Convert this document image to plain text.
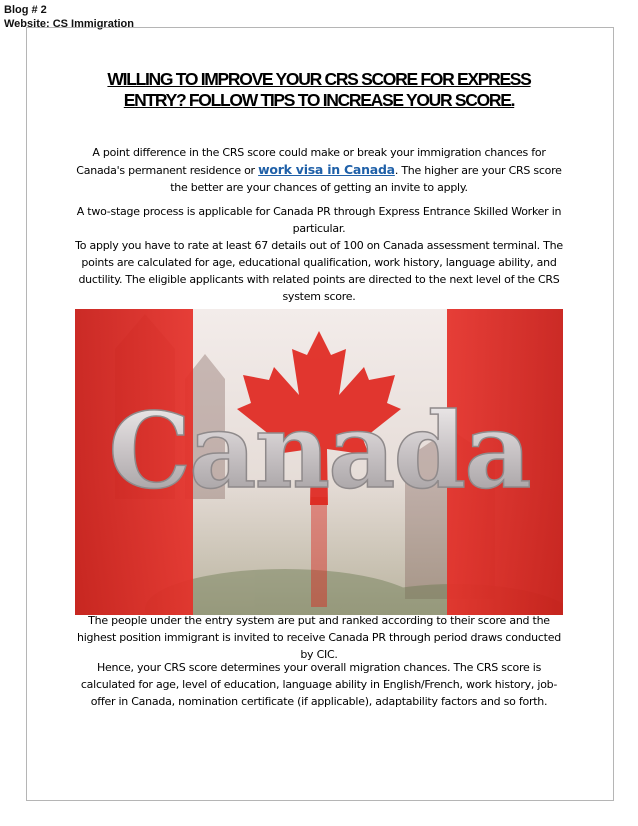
Blog # 2
Website: CS Immigration
WILLING TO IMPROVE YOUR CRS SCORE FOR EXPRESS ENTRY? FOLLOW TIPS TO INCREASE YOUR SCORE.
A point difference in the CRS score could make or break your immigration chances for Canada's permanent residence or work visa in Canada. The higher are your CRS score the better are your chances of getting an invite to apply.
A two-stage process is applicable for Canada PR through Express Entrance Skilled Worker in particular.
To apply you have to rate at least 67 details out of 100 on Canada assessment terminal. The points are calculated for age, educational qualification, work history, language ability, and ductility. The eligible applicants with related points are directed to the next level of the CRS system score.
Canada
The people under the entry system are put and ranked according to their score and the highest position immigrant is invited to receive Canada PR through period draws conducted by CIC.
Hence, your CRS score determines your overall migration chances. The CRS score is calculated for age, level of education, language ability in English/French, work history, job-offer in Canada, nomination certificate (if applicable), adaptability factors and so forth.
